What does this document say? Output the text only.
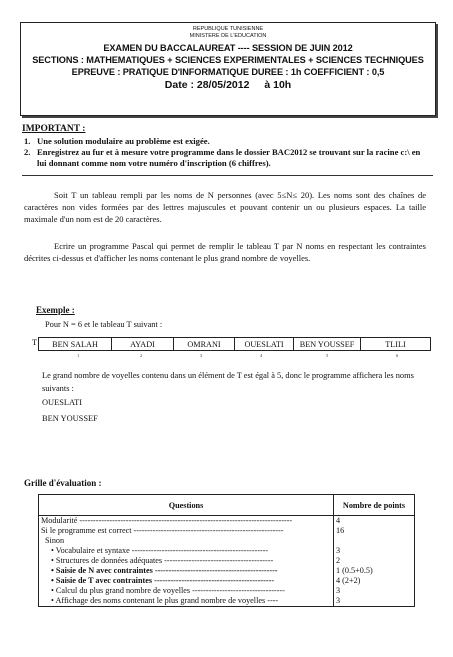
REPUBLIQUE TUNISIENNE
MINISTERE DE L'EDUCATION
EXAMEN DU BACCALAUREAT ---- SESSION DE JUIN 2012
SECTIONS : MATHEMATIQUES + SCIENCES EXPERIMENTALES + SCIENCES TECHNIQUES
EPREUVE : PRATIQUE D'INFORMATIQUE DUREE : 1h COEFFICIENT : 0,5
Date : 28/05/2012 à 10h
IMPORTANT :
1. Une solution modulaire au problème est exigée.
2. Enregistrez au fur et à mesure votre programme dans le dossier BAC2012 se trouvant sur la racine c:\ en lui donnant comme nom votre numéro d'inscription (6 chiffres).
Soit T un tableau rempli par les noms de N personnes (avec 5≤N≤ 20). Les noms sont des chaînes de caractères non vides formées par des lettres majuscules et pouvant contenir un ou plusieurs espaces. La taille maximale d'un nom est de 20 caractères.
Ecrire un programme Pascal qui permet de remplir le tableau T par N noms en respectant les contraintes décrites ci-dessus et d'afficher les noms contenant le plus grand nombre de voyelles.
Exemple :
Pour N = 6 et le tableau T suivant :
T BEN SALAH	AYADI	OMRANI	OUESLATI	BEN YOUSSEF	TLILI
1	2	3	4	5	6
Le grand nombre de voyelles contenu dans un élément de T est égal à 5, donc le programme affichera les noms suivants :
OUESLATI
BEN YOUSSEF
Grille d'évaluation :
Questions	Nombre de points
Modularité ------------------------------------------------------------------------------	4
Si le programme est correct -------------------------------------------------------	16
Sinon	
• Vocabulaire et syntaxe --------------------------------------------------	3
• Structures de données adéquates ----------------------------------------	2
• Saisie de N avec contraintes ---------------------------------------------	1 (0.5+0.5)
• Saisie de T avec contraintes --------------------------------------------	4 (2+2)
• Calcul du plus grand nombre de voyelles ----------------------------------	3
• Affichage des noms contenant le plus grand nombre de voyelles ----	3
